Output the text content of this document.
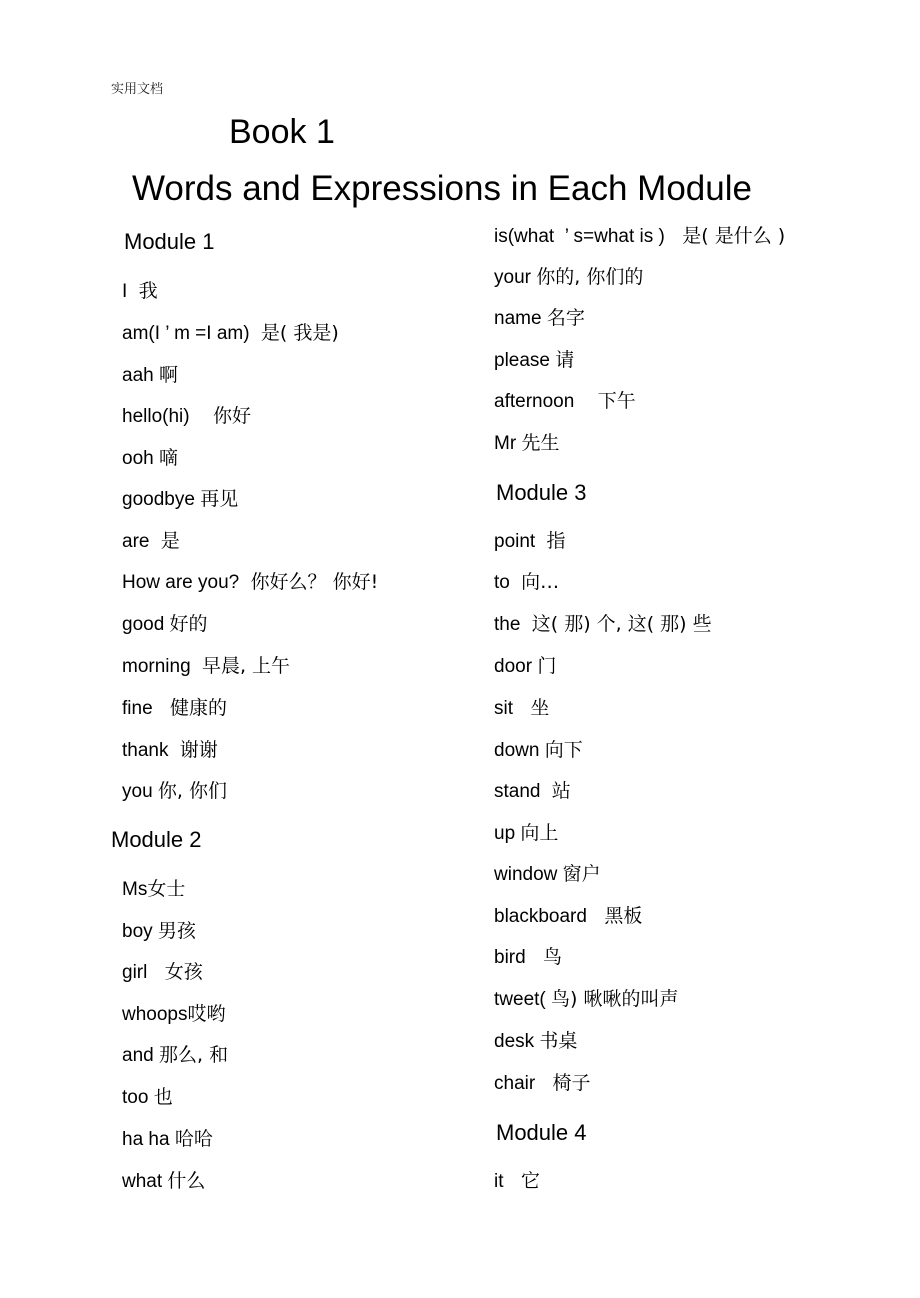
实用文档
Book 1
Words and Expressions in Each Module
Module 1
I  我
am(I ’ m =I am)  是( 我是)
aah 啊
hello(hi)    你好
ooh 嘀
goodbye 再见
are  是
How are you?  你好么？ 你好!
good 好的
morning  早晨, 上午
fine   健康的
thank  谢谢
you 你, 你们
Module 2
Ms女士
boy 男孩
girl   女孩
whoops哎哟
and 那么, 和
too 也
ha ha 哈哈
what 什么
is(what  ’ s=what is )   是( 是什么 )
your 你的, 你们的
name 名字
please 请
afternoon    下午
Mr 先生
Module 3
point  指
to  向…
the  这( 那) 个, 这( 那) 些
door 门
sit   坐
down 向下
stand  站
up 向上
window 窗户
blackboard   黑板
bird   鸟
tweet( 鸟) 啾啾的叫声
desk 书桌
chair   椅子
Module 4
it   它
